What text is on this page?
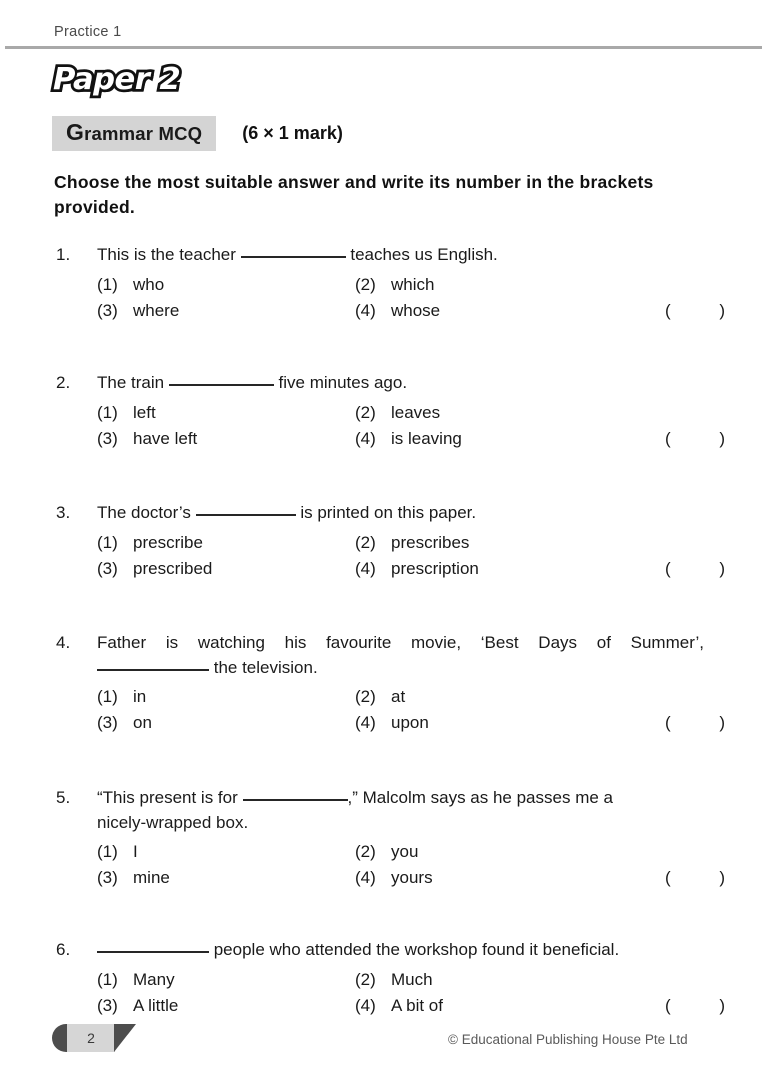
Practice 1
Paper 2
Grammar MCQ	(6 × 1 mark)
Choose the most suitable answer and write its number in the brackets provided.
1.	This is the teacher	teaches us English.
(1) who	(2) which
(3) where	(4) whose	(	)
2.	The train	five minutes ago.
(1) left	(2) leaves
(3) have left	(4) is leaving	(	)
3.	The doctor’s	is printed on this paper.
(1) prescribe	(2) prescribes
(3) prescribed	(4) prescription	(	)
4.	Father is watching his favourite movie, ‘Best Days of Summer’,
the television.
(1) in	(2) at
(3) on	(4) upon	(	)
5.	“This present is for	,” Malcolm says as he passes me a
nicely-wrapped box.
(1) I	(2) you
(3) mine	(4) yours	(	)
6.	people who attended the workshop found it beneficial.
(1) Many	(2) Much
(3) A little	(4) A bit of	(	)
2	© Educational Publishing House Pte Ltd
